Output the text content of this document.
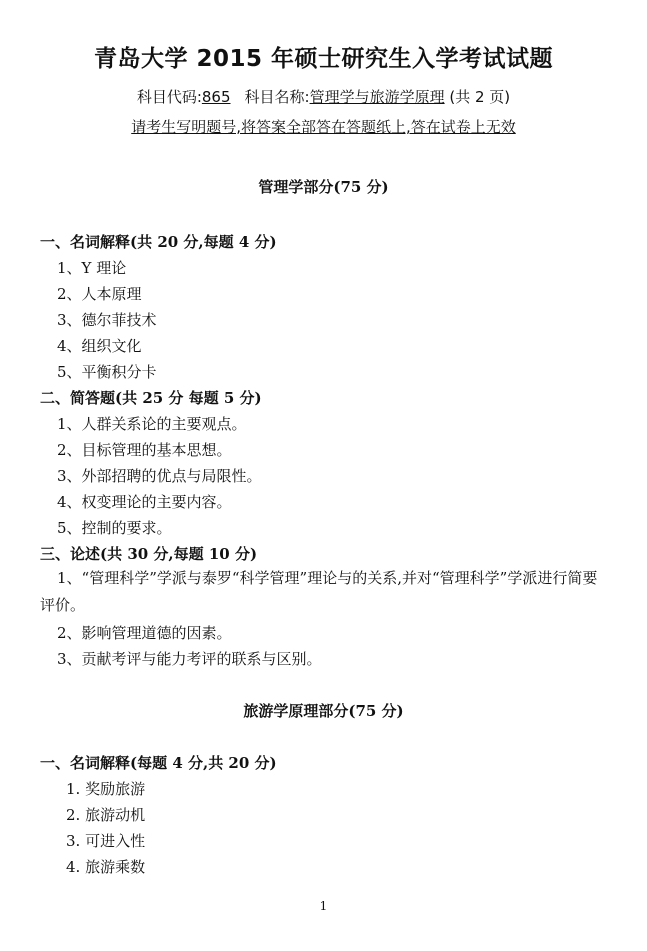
青岛大学 2015 年硕士研究生入学考试试题
科目代码:865 科目名称:管理学与旅游学原理 (共 2 页)
请考生写明题号,将答案全部答在答题纸上,答在试卷上无效
管理学部分(75 分)
一、名词解释(共 20 分,每题 4 分)
1、Y 理论
2、人本原理
3、德尔菲技术
4、组织文化
5、平衡积分卡
二、简答题(共 25 分 每题 5 分)
1、人群关系论的主要观点。
2、目标管理的基本思想。
3、外部招聘的优点与局限性。
4、权变理论的主要内容。
5、控制的要求。
三、论述(共 30 分,每题 10 分)
1、“管理科学”学派与泰罗“科学管理”理论与的关系,并对“管理科学”学派进行简要评价。
2、影响管理道德的因素。
3、贡献考评与能力考评的联系与区别。
旅游学原理部分(75 分)
一、名词解释(每题 4 分,共 20 分)
1. 奖励旅游
2. 旅游动机
3. 可进入性
4. 旅游乘数
1
